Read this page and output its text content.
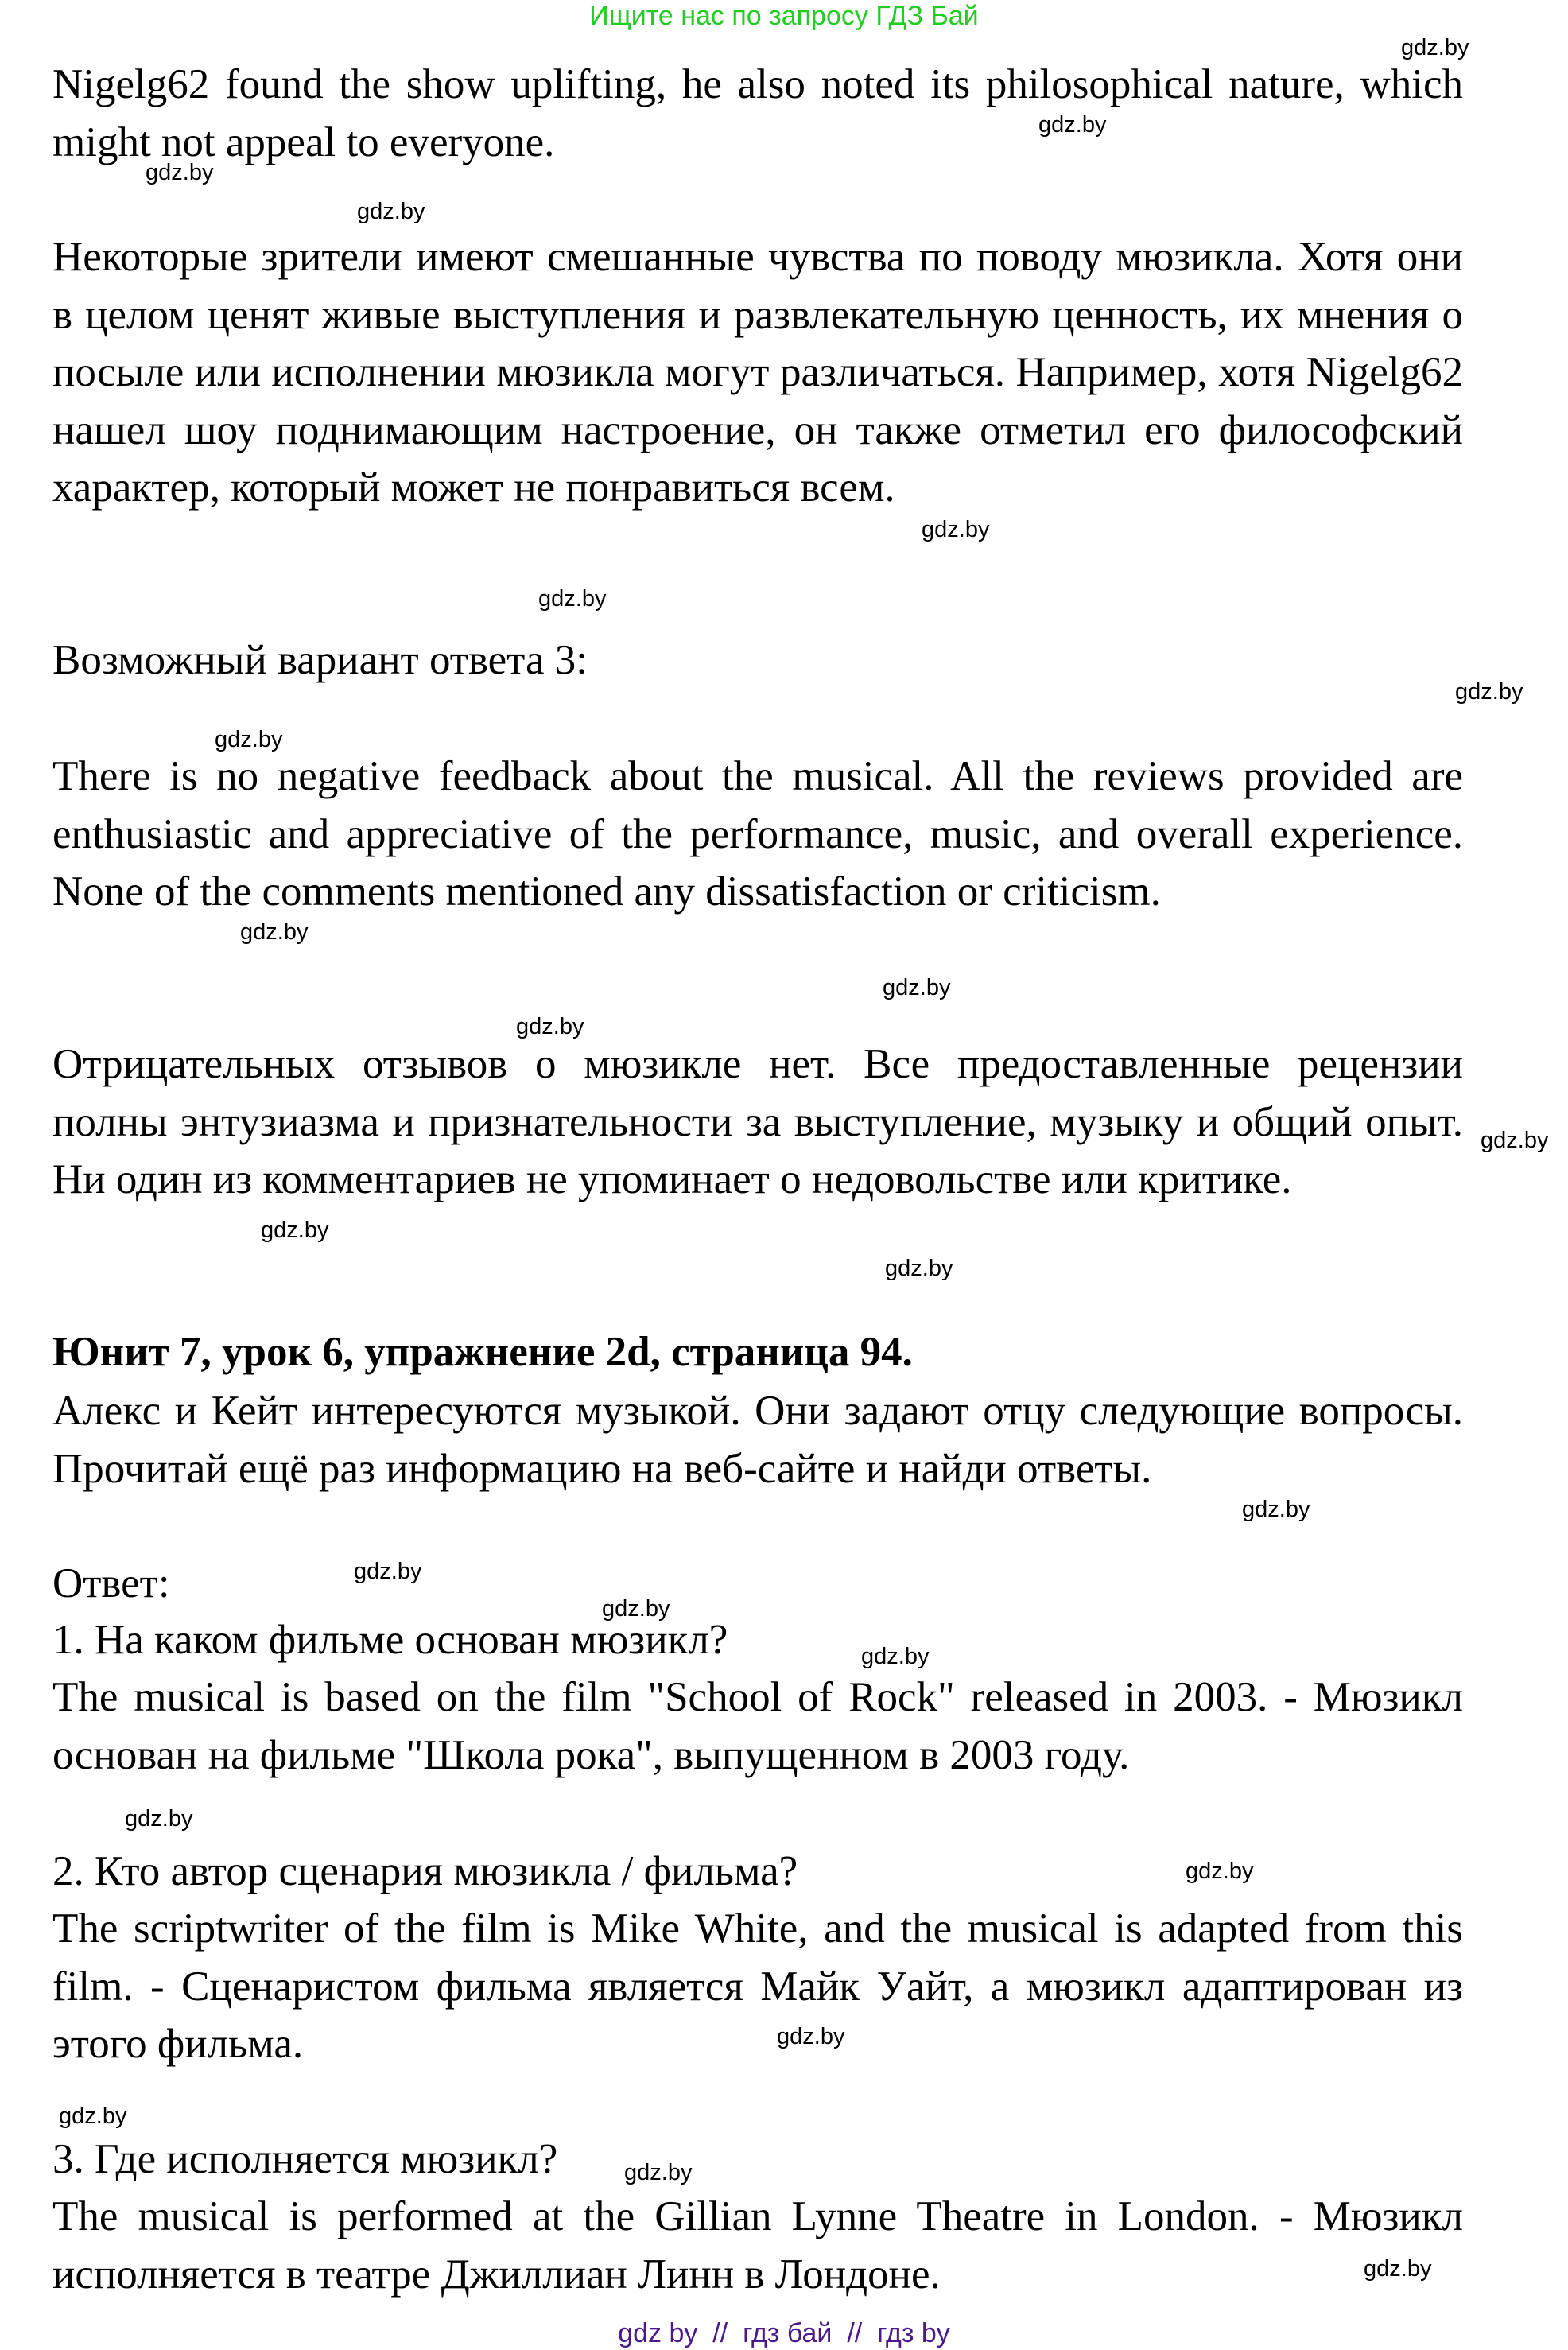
Ищите нас по запросу ГДЗ Бай
Nigelg62 found the show uplifting, he also noted its philosophical nature, which might not appeal to everyone.
Некоторые зрители имеют смешанные чувства по поводу мюзикла. Хотя они в целом ценят живые выступления и развлекательную ценность, их мнения о посыле или исполнении мюзикла могут различаться. Например, хотя Nigelg62 нашел шоу поднимающим настроение, он также отметил его философский характер, который может не понравиться всем.
Возможный вариант ответа 3:
There is no negative feedback about the musical. All the reviews provided are enthusiastic and appreciative of the performance, music, and overall experience. None of the comments mentioned any dissatisfaction or criticism.
Отрицательных отзывов о мюзикле нет. Все предоставленные рецензии полны энтузиазма и признательности за выступление, музыку и общий опыт. Ни один из комментариев не упоминает о недовольстве или критике.
Юнит 7, урок 6, упражнение 2d, страница 94.
Алекс и Кейт интересуются музыкой. Они задают отцу следующие вопросы. Прочитай ещё раз информацию на веб-сайте и найди ответы.
Ответ:
1. На каком фильме основан мюзикл?
The musical is based on the film "School of Rock" released in 2003. - Мюзикл основан на фильме "Школа рока", выпущенном в 2003 году.
2. Кто автор сценария мюзикла / фильма?
The scriptwriter of the film is Mike White, and the musical is adapted from this film. - Сценаристом фильма является Майк Уайт, а мюзикл адаптирован из этого фильма.
3. Где исполняется мюзикл?
The musical is performed at the Gillian Lynne Theatre in London. - Мюзикл исполняется в театре Джиллиан Линн в Лондоне.
gdz.by
gdz.by
gdz.by
gdz.by
gdz.by
gdz.by
gdz.by
gdz.by
gdz.by
gdz.by
gdz.by
gdz.by
gdz.by
gdz.by
gdz.by
gdz.by
gdz.by
gdz.by
gdz.by
gdz.by
gdz.by
gdz.by
gdz.by
gdz.by
gdz by  //  гдз бай  //  гдз by
